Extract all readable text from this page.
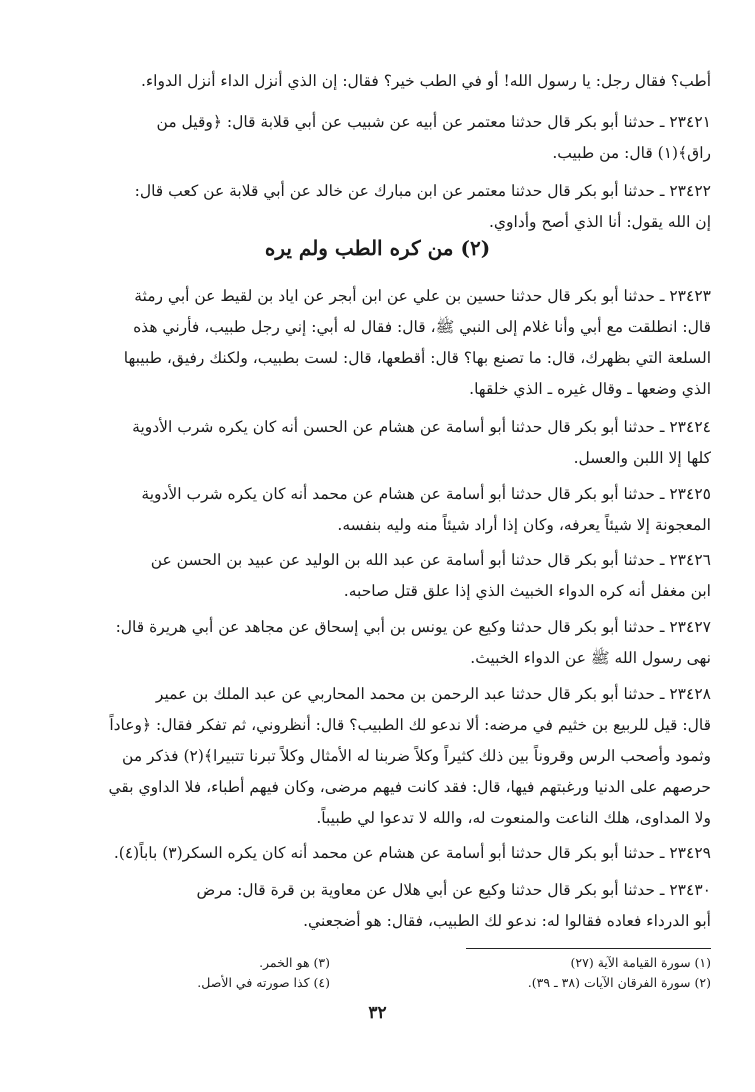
أطب؟ فقال رجل: يا رسول الله! أو في الطب خير؟ فقال: إن الذي أنزل الداء أنزل الدواء.
٢٣٤٢١ ـ حدثنا أبو بكر قال حدثنا معتمر عن أبيه عن شبيب عن أبي قلابة قال: ﴿وقيل من
راق﴾(١) قال: من طبيب.
٢٣٤٢٢ ـ حدثنا أبو بكر قال حدثنا معتمر عن ابن مبارك عن خالد عن أبي قلابة عن كعب قال:
إن الله يقول: أنا الذي أصح وأداوي.
(٢) من كره الطب ولم يره
٢٣٤٢٣ ـ حدثنا أبو بكر قال حدثنا حسين بن علي عن ابن أبجر عن اياد بن لقيط عن أبي رمثة
قال: انطلقت مع أبي وأنا غلام إلى النبي ﷺ، قال: فقال له أبي: إني رجل طبيب، فأرني هذه
السلعة التي بظهرك، قال: ما تصنع بها؟ قال: أقطعها، قال: لست بطبيب، ولكنك رفيق، طبيبها
الذي وضعها ـ وقال غيره ـ الذي خلقها.
٢٣٤٢٤ ـ حدثنا أبو بكر قال حدثنا أبو أسامة عن هشام عن الحسن أنه كان يكره شرب الأدوية
كلها إلا اللبن والعسل.
٢٣٤٢٥ ـ حدثنا أبو بكر قال حدثنا أبو أسامة عن هشام عن محمد أنه كان يكره شرب الأدوية
المعجونة إلا شيئاً يعرفه، وكان إذا أراد شيئاً منه وليه بنفسه.
٢٣٤٢٦ ـ حدثنا أبو بكر قال حدثنا أبو أسامة عن عبد الله بن الوليد عن عبيد بن الحسن عن
ابن مغفل أنه كره الدواء الخبيث الذي إذا علق قتل صاحبه.
٢٣٤٢٧ ـ حدثنا أبو بكر قال حدثنا وكيع عن يونس بن أبي إسحاق عن مجاهد عن أبي هريرة قال:
نهى رسول الله ﷺ عن الدواء الخبيث.
٢٣٤٢٨ ـ حدثنا أبو بكر قال حدثنا عبد الرحمن بن محمد المحاربي عن عبد الملك بن عمير
قال: قيل للربيع بن خثيم في مرضه: ألا ندعو لك الطبيب؟ قال: أنظروني، ثم تفكر فقال: ﴿وعاداً
وثمود وأصحب الرس وقروناً بين ذلك كثيراً وكلاً ضربنا له الأمثال وكلاً تبرنا تتبيرا﴾(٢) فذكر من
حرصهم على الدنيا ورغبتهم فيها، قال: فقد كانت فيهم مرضى، وكان فيهم أطباء، فلا الداوي بقي
ولا المداوى، هلك الناعت والمنعوت له، والله لا تدعوا لي طبيباً.
٢٣٤٢٩ ـ حدثنا أبو بكر قال حدثنا أبو أسامة عن هشام عن محمد أنه كان يكره السكر(٣) باباً(٤).
٢٣٤٣٠ ـ حدثنا أبو بكر قال حدثنا وكيع عن أبي هلال عن معاوية بن قرة قال: مرض
أبو الدرداء فعاده فقالوا له: ندعو لك الطبيب، فقال: هو أضجعني.
(١) سورة القيامة الآية (٢٧)
(٢) سورة الفرقان الآيات (٣٨ ـ ٣٩).
(٣) هو الخمر.
(٤) كذا صورته في الأصل.
٣٢
